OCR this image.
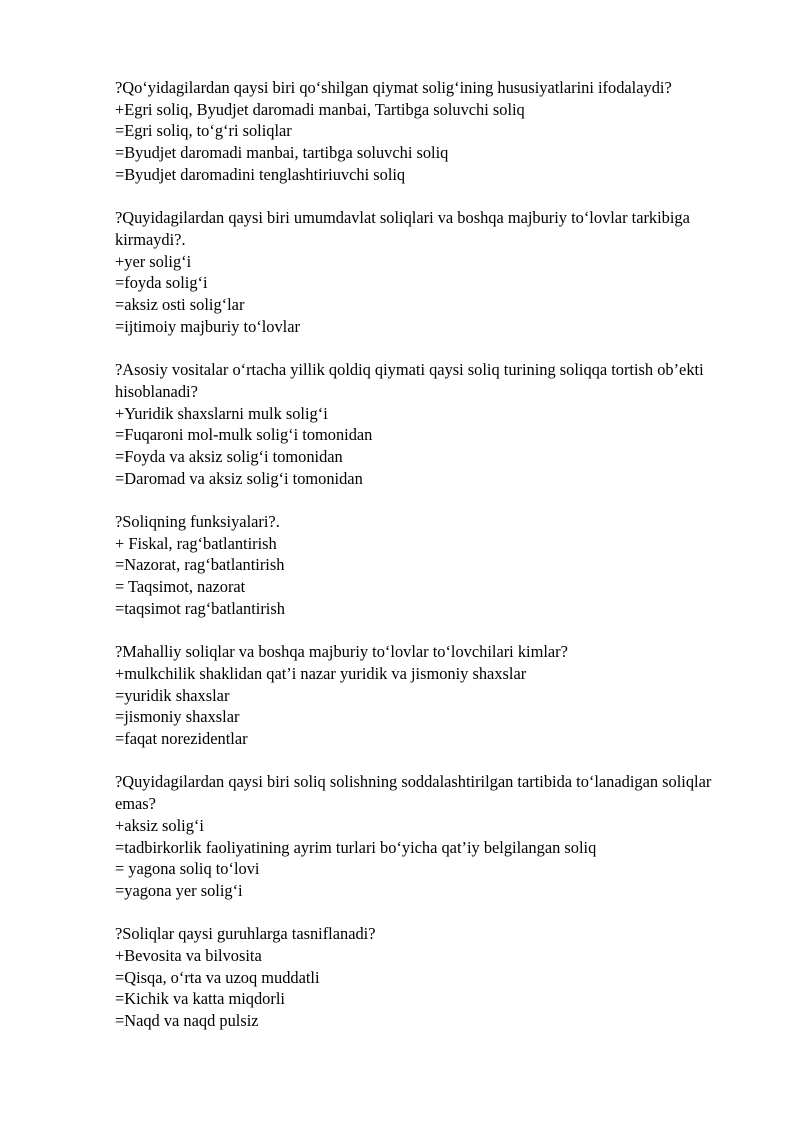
?Qo‘yidagilardan qaysi biri qo‘shilgan qiymat solig‘ining hususiyatlarini ifodalaydi?
+Egri soliq, Byudjet daromadi manbai, Tartibga soluvchi soliq
=Egri soliq, to‘g‘ri soliqlar
=Byudjet daromadi manbai, tartibga soluvchi soliq
=Byudjet daromadini tenglashtiriuvchi soliq
?Quyidagilardan qaysi biri umumdavlat soliqlari va boshqa majburiy to‘lovlar tarkibiga kirmaydi?.
+yer solig‘i
=foyda solig‘i
=aksiz osti solig‘lar
=ijtimoiy majburiy to‘lovlar
?Asosiy vositalar o‘rtacha yillik qoldiq qiymati qaysi soliq turining soliqqa tortish ob’ekti hisoblanadi?
+Yuridik shaxslarni mulk solig‘i
=Fuqaroni mol-mulk solig‘i tomonidan
=Foyda va aksiz solig‘i tomonidan
=Daromad va aksiz solig‘i tomonidan
?Soliqning funksiyalari?.
+ Fiskal, rag‘batlantirish
=Nazorat, rag‘batlantirish
= Taqsimot, nazorat
=taqsimot rag‘batlantirish
?Mahalliy soliqlar va boshqa majburiy to‘lovlar to‘lovchilari kimlar?
+mulkchilik shaklidan qat’i nazar yuridik va jismoniy shaxslar
=yuridik shaxslar
=jismoniy shaxslar
=faqat norezidentlar
?Quyidagilardan qaysi biri soliq solishning soddalashtirilgan tartibida to‘lanadigan soliqlar emas?
+aksiz solig‘i
=tadbirkorlik faoliyatining ayrim turlari bo‘yicha qat’iy belgilangan soliq
= yagona soliq to‘lovi
=yagona yer solig‘i
?Soliqlar qaysi guruhlarga tasniflanadi?
+Bevosita va bilvosita
=Qisqa, o‘rta va uzoq muddatli
=Kichik va katta miqdorli
=Naqd va naqd pulsiz
